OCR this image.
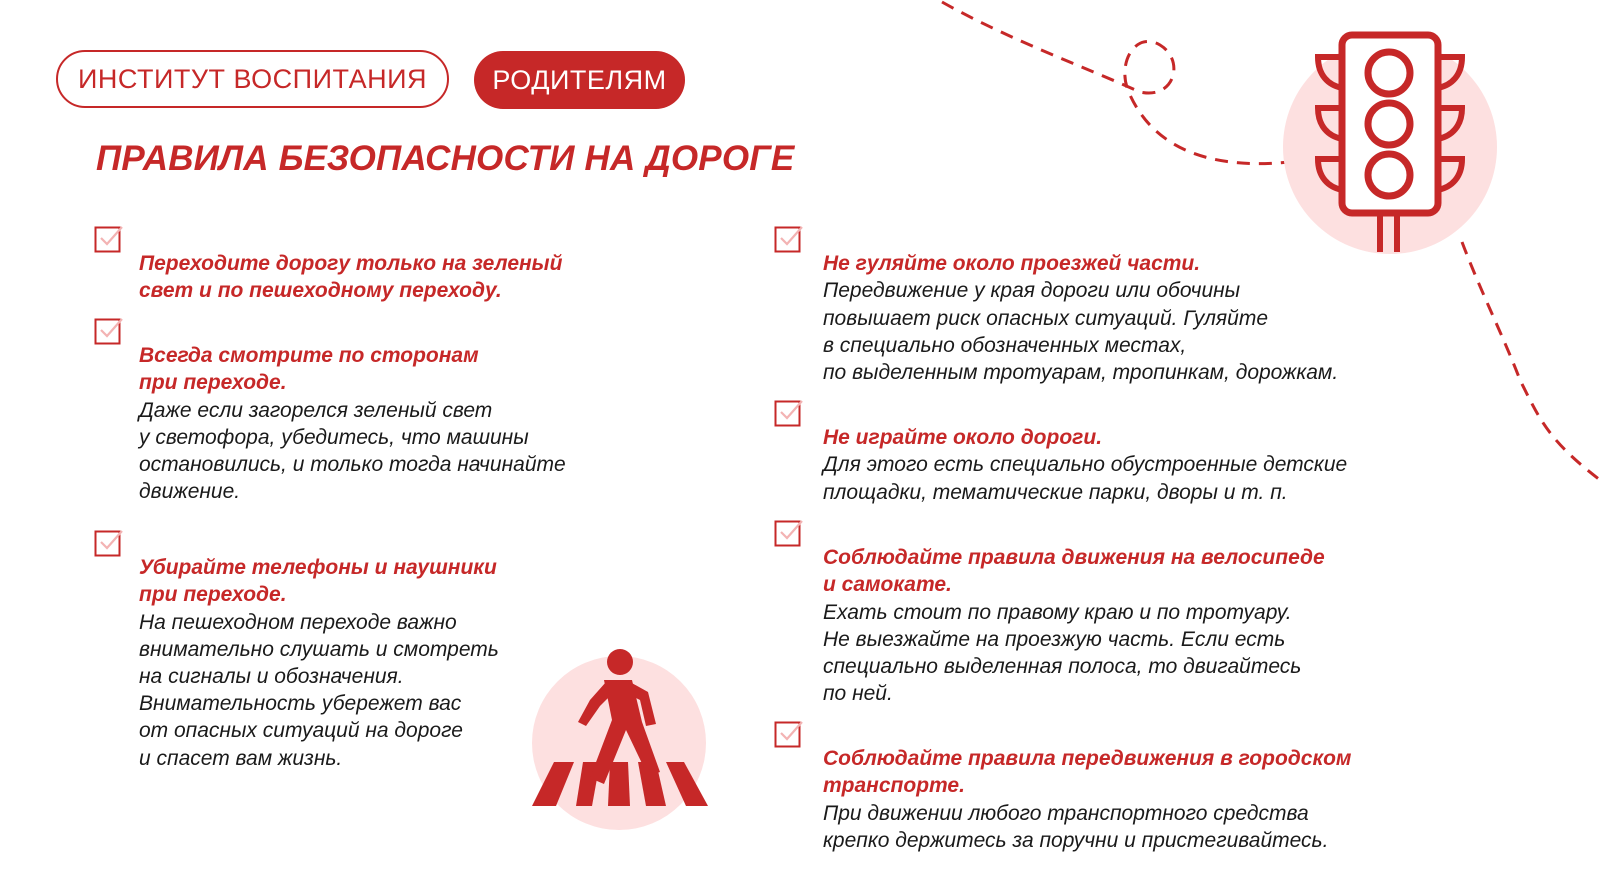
ИНСТИТУТ ВОСПИТАНИЯ	РОДИТЕЛЯМ
ПРАВИЛА БЕЗОПАСНОСТИ НА ДОРОГЕ

Переходите дорогу только на зеленый
свет и по пешеходному переходу.

Всегда смотрите по сторонам
при переходе.

Даже если загорелся зеленый свет
у светофора, убедитесь, что машины
остановились, и только тогда начинайте
движение.

Убирайте телефоны и наушники
при переходе.

На пешеходном переходе важно
внимательно слушать и смотреть
на сигналы и обозначения.
Внимательность убережет вас
от опасных ситуаций на дороге
и спасет вам жизнь.

Не гуляйте около проезжей части.

Передвижение у края дороги или обочины
повышает риск опасных ситуаций. Гуляйте
в специально обозначенных местах,
по выделенным тротуарам, тропинкам, дорожкам.

Не играйте около дороги.

Для этого есть специально обустроенные детские
площадки, тематические парки, дворы и т. п.

Соблюдайте правила движения на велосипеде
и самокате.

Ехать стоит по правому краю и по тротуару.
Не выезжайте на проезжую часть. Если есть
специально выделенная полоса, то двигайтесь
по ней.

Соблюдайте правила передвижения в городском
транспорте.

При движении любого транспортного средства
крепко держитесь за поручни и пристегивайтесь.
